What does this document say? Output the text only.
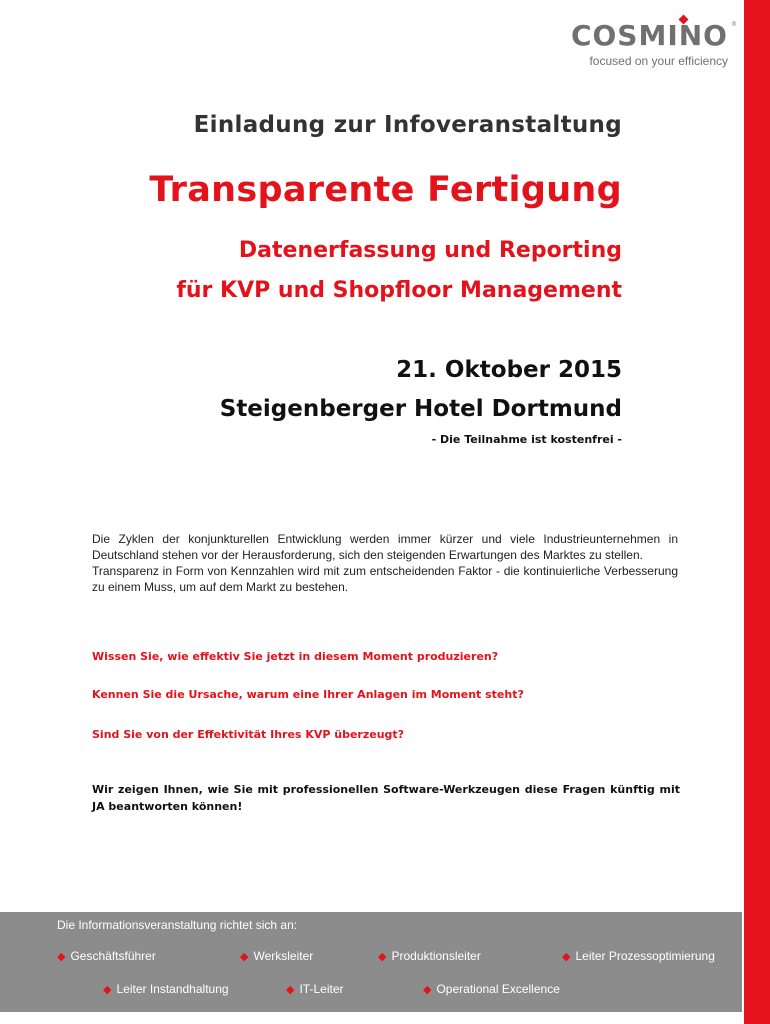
COSMINO ®
focused on your efficiency
Einladung zur Infoveranstaltung
Transparente Fertigung
Datenerfassung und Reporting
für KVP und Shopfloor Management
21. Oktober 2015
Steigenberger Hotel Dortmund
- Die Teilnahme ist kostenfrei -

Die Zyklen der konjunkturellen Entwicklung werden immer kürzer und viele Industrieunternehmen in Deutschland stehen vor der Herausforderung, sich den steigenden Erwartungen des Marktes zu stellen.

Transparenz in Form von Kennzahlen wird mit zum entscheidenden Faktor - die kontinuierliche Verbesserung zu einem Muss, um auf dem Markt zu bestehen.

Wissen Sie, wie effektiv Sie jetzt in diesem Moment produzieren?
Kennen Sie die Ursache, warum eine Ihrer Anlagen im Moment steht?
Sind Sie von der Effektivität Ihres KVP überzeugt?
Wir zeigen Ihnen, wie Sie mit professionellen Software-Werkzeugen diese Fragen künftig mit JA beantworten können!
Die Informationsveranstaltung richtet sich an:
◆ Geschäftsführer	◆ Werksleiter	◆ Produktionsleiter	◆ Leiter Prozessoptimierung
◆ Leiter Instandhaltung	◆ IT-Leiter	◆ Operational Excellence
